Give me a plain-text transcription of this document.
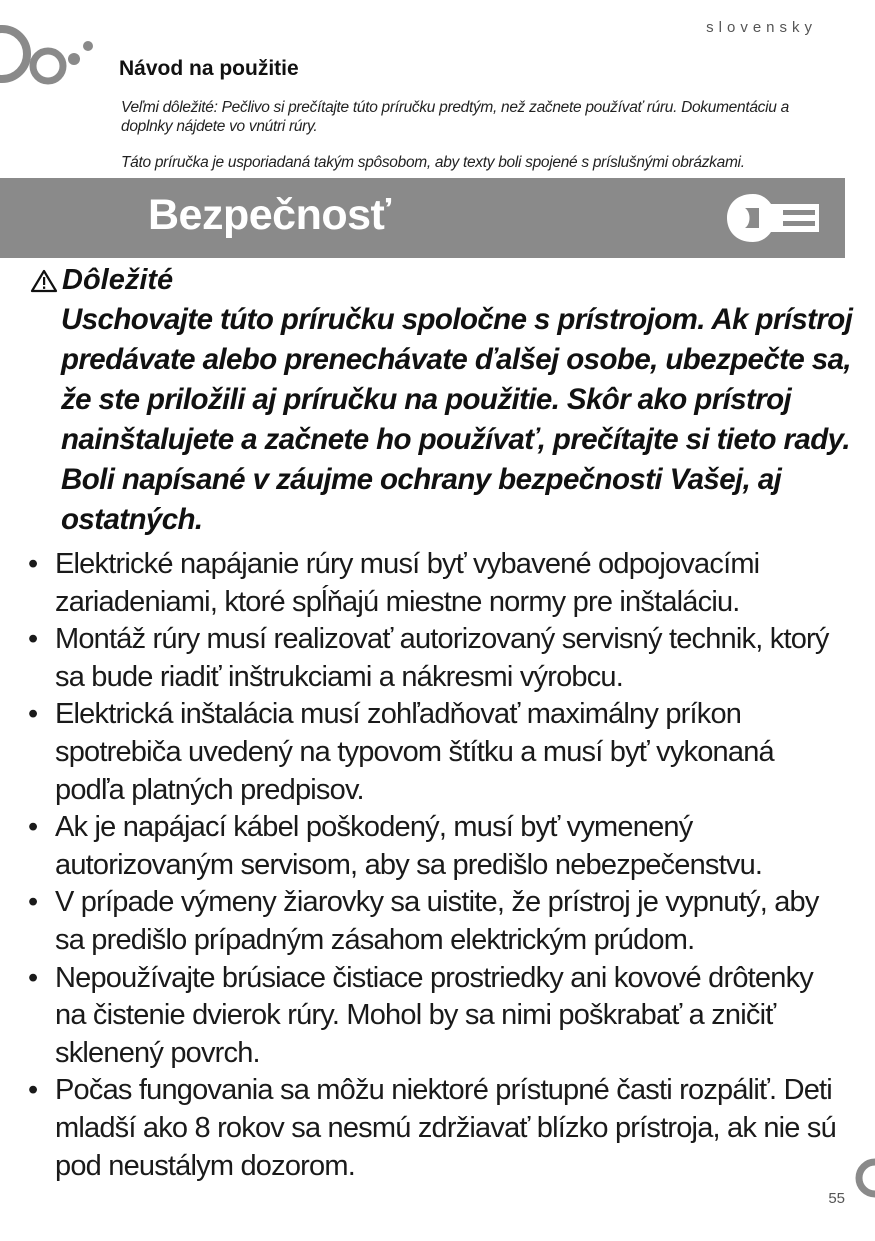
slovensky
Návod na použitie

Veľmi dôležité: Pečlivo si prečítajte túto príručku predtým, než začnete používať rúru. Dokumentáciu a doplnky nájdete vo vnútri rúry.

Táto príručka je usporiadaná takým spôsobom, aby texty boli spojené s príslušnými obrázkami.

Bezpečnosť
Dôležité

Uschovajte túto príručku spoločne s prístrojom. Ak prístroj predávate alebo prenechávate ďalšej osobe, ubezpečte sa, že ste priložili aj príručku na použitie. Skôr ako prístroj nainštalujete a začnete ho používať, prečítajte si tieto rady. Boli napísané v záujme ochrany bezpečnosti Vašej, aj ostatných.

• Elektrické napájanie rúry musí byť vybavené odpojovacími zariadeniami, ktoré spĺňajú miestne normy pre inštaláciu.
• Montáž rúry musí realizovať autorizovaný servisný technik, ktorý sa bude riadiť inštrukciami a nákresmi výrobcu.
• Elektrická inštalácia musí zohľadňovať maximálny príkon spotrebiča uvedený na typovom štítku a musí byť vykonaná podľa platných predpisov.
• Ak je napájací kábel poškodený, musí byť vymenený autorizovaným servisom, aby sa predišlo nebezpečenstvu.
• V prípade výmeny žiarovky sa uistite, že prístroj je vypnutý, aby sa predišlo prípadným zásahom elektrickým prúdom.
• Nepoužívajte brúsiace čistiace prostriedky ani kovové drôtenky na čistenie dvierok rúry. Mohol by sa nimi poškrabať a zničiť sklenený povrch.
• Počas fungovania sa môžu niektoré prístupné časti rozpáliť. Deti mladší ako 8 rokov sa nesmú zdržiavať blízko prístroja, ak nie sú pod neustálym dozorom.
55
